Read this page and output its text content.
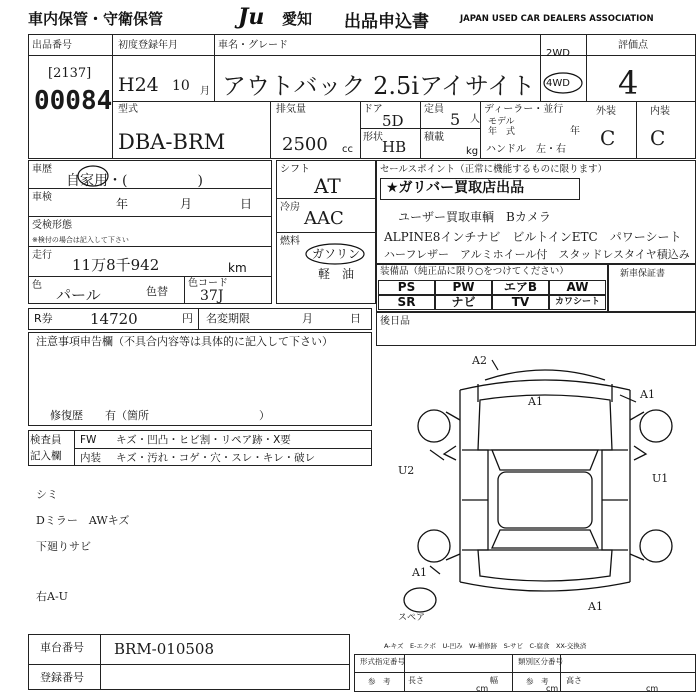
車内保管・守衛保管	Ju 愛知 出品申込書	JAPAN USED CAR DEALERS ASSOCIATION
出品番号
[2137]
00084
初度登録年月	車名・グレード
H24 10 月 アウトバック 2.5iアイサイト
2WD
4WD
評価点
4
型式
DBA-BRM
排気量
2500 cc
ドア
5D
定員
5 人
形状
HB
積載
kg
ディーラー・並行
モデル
年　式	年
ハンドル　左・右
外装	内装
C C
車歴
自家用・(　　　　　)
車検	年	月	日
受検形態
※検付の場合は記入して下さい
走行
11万8千942	km
色
パール	色替
色コード
37J
シフト
AT
冷房
AAC
燃料
ガソリン
軽　油
セールスポイント（正常に機能するものに限ります）
★ガリバー買取店出品
ユーザー買取車輌　Bカメラ
ALPINE8インチナビ　ビルトインETC　パワーシート
ハーフレザー　アルミホイール付　スタッドレスタイヤ積込み
装備品（純正品に限り○をつけてください）
PS	PW	エアB	AW
SR	ナビ	TV	カワシート
新車保証書
R券 14720	円 名変期限	月	日 後日品
注意事項申告欄（不具合内容等は具体的に記入して下さい）
修復歴　　有（箇所　　　　　　　　　　）
検査員
記入欄
FW キズ・凹凸・ヒビ割・リペア跡・X要
内装 キズ・汚れ・コゲ・穴・スレ・キレ・破レ
シミ
Dミラー　AWキズ
下廻りサビ
右A-U
A2
A1
A1
U2
U1
A1
A1
スペア
A-キズ　E-エクボ　U-凹み　W-補修跡　S-サビ　C-腐食　XX-交換済
車台番号 BRM-010508
登録番号
形式指定番号
参　考
類別区分番号
参　考
長さ
cm
幅
cm
高さ
cm
